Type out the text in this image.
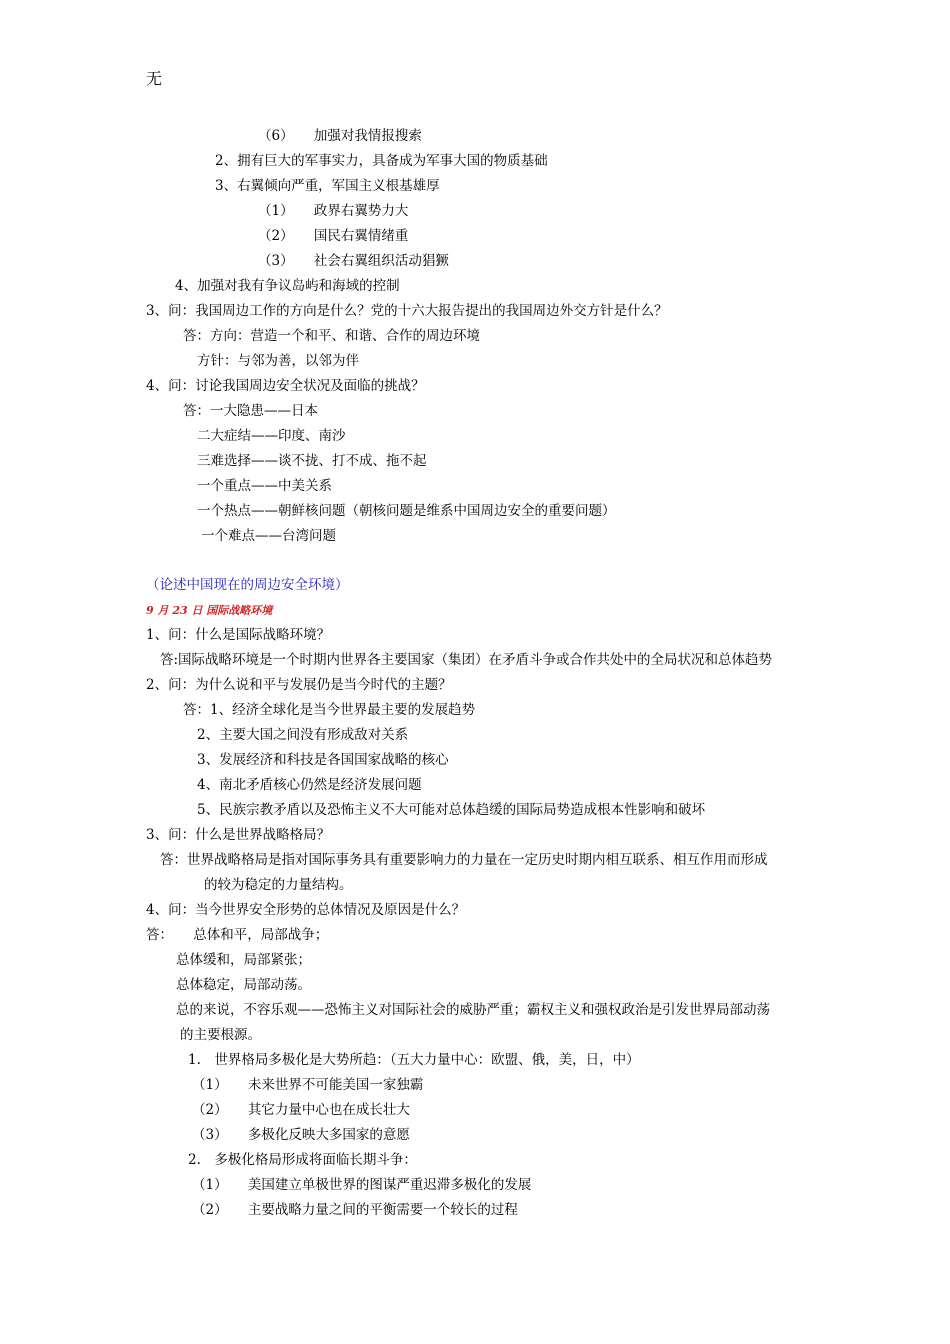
无
（6）　　加强对我情报搜索
2、拥有巨大的军事实力，具备成为军事大国的物质基础
3、右翼倾向严重，军国主义根基雄厚
（1）　　政界右翼势力大
（2）　　国民右翼情绪重
（3）　　社会右翼组织活动猖獗
4、加强对我有争议岛屿和海域的控制
3、问：我国周边工作的方向是什么？党的十六大报告提出的我国周边外交方针是什么？
答：方向：营造一个和平、和谐、合作的周边环境
方针：与邻为善，以邻为伴
4、问：讨论我国周边安全状况及面临的挑战？
答：一大隐患——日本
二大症结——印度、南沙
三难选择——谈不拢、打不成、拖不起
一个重点——中美关系
一个热点——朝鲜核问题（朝核问题是维系中国周边安全的重要问题）
一个难点——台湾问题
（论述中国现在的周边安全环境）
9 月 23 日 国际战略环境
1、问：什么是国际战略环境？
答:国际战略环境是一个时期内世界各主要国家（集团）在矛盾斗争或合作共处中的全局状况和总体趋势
2、问：为什么说和平与发展仍是当今时代的主题？
答：1、经济全球化是当今世界最主要的发展趋势
2、主要大国之间没有形成敌对关系
3、发展经济和科技是各国国家战略的核心
4、南北矛盾核心仍然是经济发展问题
5、民族宗教矛盾以及恐怖主义不大可能对总体趋缓的国际局势造成根本性影响和破坏
3、问：什么是世界战略格局？
答：世界战略格局是指对国际事务具有重要影响力的力量在一定历史时期内相互联系、相互作用而形成
的较为稳定的力量结构。
4、问：当今世界安全形势的总体情况及原因是什么？
答：　　总体和平，局部战争；
总体缓和，局部紧张；
总体稳定，局部动荡。
总的来说，不容乐观——恐怖主义对国际社会的威胁严重；霸权主义和强权政治是引发世界局部动荡
的主要根源。
1.　世界格局多极化是大势所趋：（五大力量中心：欧盟、俄，美，日，中）
（1）　　未来世界不可能美国一家独霸
（2）　　其它力量中心也在成长壮大
（3）　　多极化反映大多国家的意愿
2.　多极化格局形成将面临长期斗争：
（1）　　美国建立单极世界的图谋严重迟滞多极化的发展
（2）　　主要战略力量之间的平衡需要一个较长的过程
